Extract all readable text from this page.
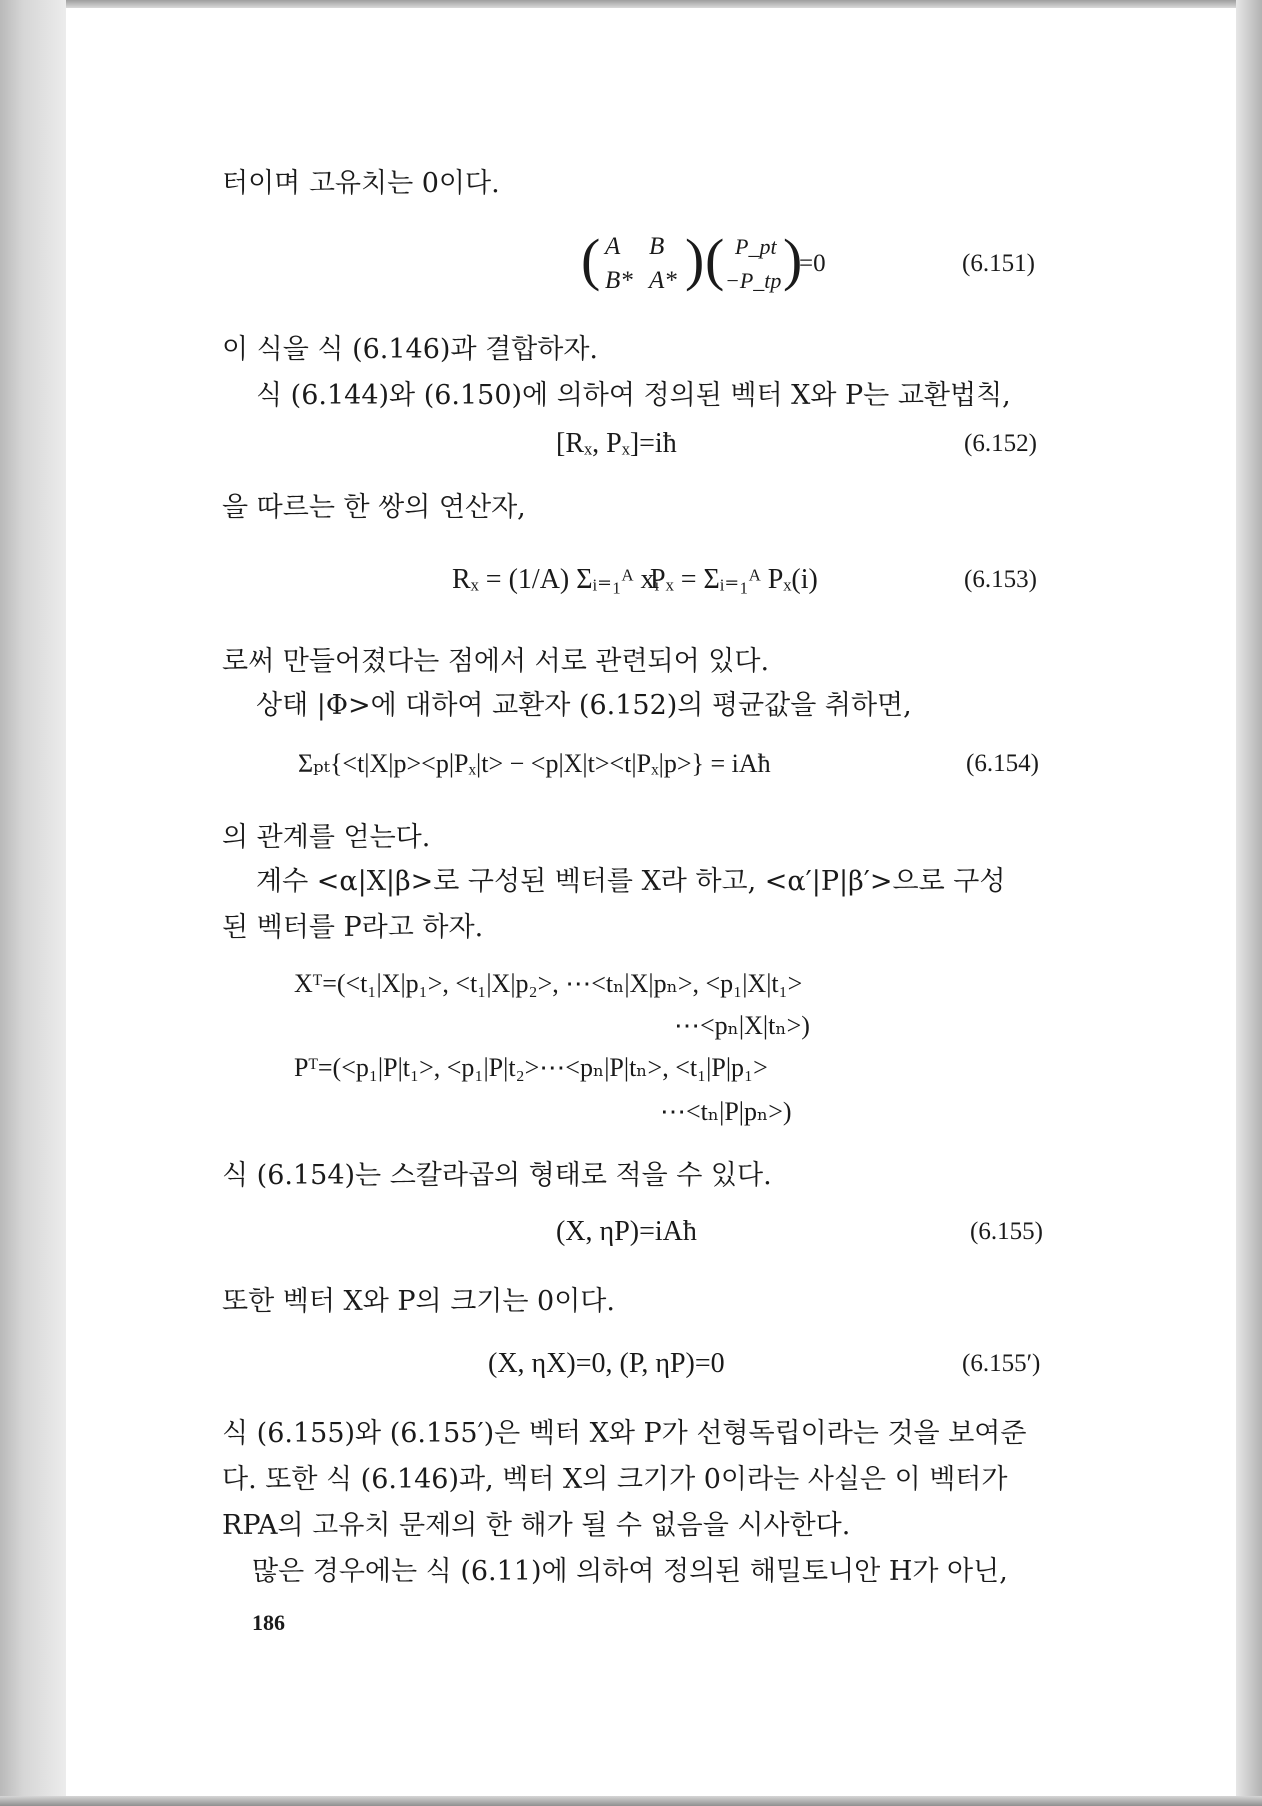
터이며 고유치는 0이다.
( A B
B* A* ) ( P_pt
−P_tp )
=0	(6.151)
이 식을 식 (6.146)과 결합하자.
식 (6.144)와 (6.150)에 의하여 정의된 벡터 X와 P는 교환법칙,
[Rₓ, Pₓ]=iħ	(6.152)
을 따르는 한 쌍의 연산자,
Rₓ = (1/A) Σᵢ₌₁ᴬ xᵢ
Pₓ = Σᵢ₌₁ᴬ Pₓ(i)	(6.153)
로써 만들어졌다는 점에서 서로 관련되어 있다.
상태 |Φ>에 대하여 교환자 (6.152)의 평균값을 취하면,
Σₚₜ{<t|X|p><p|Pₓ|t> − <p|X|t><t|Pₓ|p>} = iAħ	(6.154)
의 관계를 얻는다.
계수 <α|X|β>로 구성된 벡터를 X라 하고, <α′|P|β′>으로 구성
된 벡터를 P라고 하자.
Xᵀ=(<t₁|X|p₁>, <t₁|X|p₂>, ⋯<tₙ|X|pₙ>, <p₁|X|t₁>
⋯<pₙ|X|tₙ>)
Pᵀ=(<p₁|P|t₁>, <p₁|P|t₂>⋯<pₙ|P|tₙ>, <t₁|P|p₁>
⋯<tₙ|P|pₙ>)
식 (6.154)는 스칼라곱의 형태로 적을 수 있다.
(X, ηP)=iAħ	(6.155)
또한 벡터 X와 P의 크기는 0이다.
(X, ηX)=0, (P, ηP)=0	(6.155′)
식 (6.155)와 (6.155′)은 벡터 X와 P가 선형독립이라는 것을 보여준
다. 또한 식 (6.146)과, 벡터 X의 크기가 0이라는 사실은 이 벡터가
RPA의 고유치 문제의 한 해가 될 수 없음을 시사한다.
많은 경우에는 식 (6.11)에 의하여 정의된 해밀토니안 H가 아닌,
186
